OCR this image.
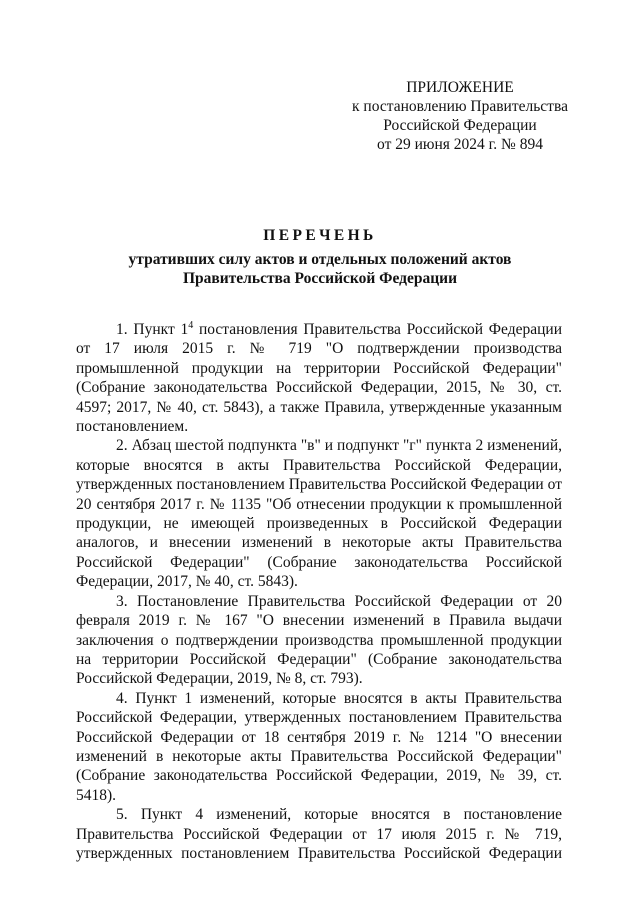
ПРИЛОЖЕНИЕ
к постановлению Правительства
Российской Федерации
от 29 июня 2024 г. № 894
ПЕРЕЧЕНЬ
утративших силу актов и отдельных положений актов
Правительства Российской Федерации

1. Пункт $1^4$ постановления Правительства Российской Федерации от 17 июля 2015 г. № 719 "О подтверждении производства промышленной продукции на территории Российской Федерации" (Собрание законодательства Российской Федерации, 2015, № 30, ст. 4597; 2017, № 40, ст. 5843), а также Правила, утвержденные указанным постановлением.

2. Абзац шестой подпункта "в" и подпункт "г" пункта 2 изменений, которые вносятся в акты Правительства Российской Федерации, утвержденных постановлением Правительства Российской Федерации от 20 сентября 2017 г. № 1135 "Об отнесении продукции к промышленной продукции, не имеющей произведенных в Российской Федерации аналогов, и внесении изменений в некоторые акты Правительства Российской Федерации" (Собрание законодательства Российской Федерации, 2017, № 40, ст. 5843).

3. Постановление Правительства Российской Федерации от 20 февраля 2019 г. № 167 "О внесении изменений в Правила выдачи заключения о подтверждении производства промышленной продукции на территории Российской Федерации" (Собрание законодательства Российской Федерации, 2019, № 8, ст. 793).

4. Пункт 1 изменений, которые вносятся в акты Правительства Российской Федерации, утвержденных постановлением Правительства Российской Федерации от 18 сентября 2019 г. № 1214 "О внесении изменений в некоторые акты Правительства Российской Федерации" (Собрание законодательства Российской Федерации, 2019, № 39, ст. 5418).

5. Пункт 4 изменений, которые вносятся в постановление Правительства Российской Федерации от 17 июля 2015 г. № 719, утвержденных постановлением Правительства Российской Федерации
